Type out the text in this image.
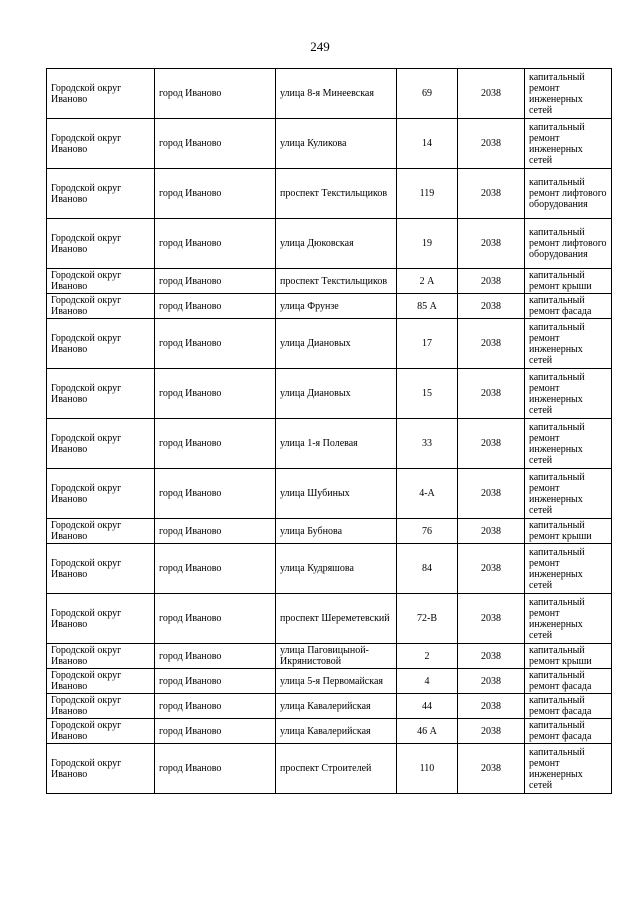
249
Городской округ Иваново	город Иваново	улица 8-я Минеевская	69	2038	капитальный ремонт инженерных сетей
Городской округ Иваново	город Иваново	улица Куликова	14	2038	капитальный ремонт инженерных сетей
Городской округ Иваново	город Иваново	проспект Текстильщиков	119	2038	капитальный ремонт лифтового оборудования
Городской округ Иваново	город Иваново	улица Дюковская	19	2038	капитальный ремонт лифтового оборудования
Городской округ Иваново	город Иваново	проспект Текстильщиков	2 А	2038	капитальный ремонт крыши
Городской округ Иваново	город Иваново	улица Фрунзе	85 А	2038	капитальный ремонт фасада
Городской округ Иваново	город Иваново	улица Диановых	17	2038	капитальный ремонт инженерных сетей
Городской округ Иваново	город Иваново	улица Диановых	15	2038	капитальный ремонт инженерных сетей
Городской округ Иваново	город Иваново	улица 1-я Полевая	33	2038	капитальный ремонт инженерных сетей
Городской округ Иваново	город Иваново	улица Шубиных	4-А	2038	капитальный ремонт инженерных сетей
Городской округ Иваново	город Иваново	улица Бубнова	76	2038	капитальный ремонт крыши
Городской округ Иваново	город Иваново	улица Кудряшова	84	2038	капитальный ремонт инженерных сетей
Городской округ Иваново	город Иваново	проспект Шереметевский	72-В	2038	капитальный ремонт инженерных сетей
Городской округ Иваново	город Иваново	улица Паговицыной-Икрянистовой	2	2038	капитальный ремонт крыши
Городской округ Иваново	город Иваново	улица 5-я Первомайская	4	2038	капитальный ремонт фасада
Городской округ Иваново	город Иваново	улица Кавалерийская	44	2038	капитальный ремонт фасада
Городской округ Иваново	город Иваново	улица Кавалерийская	46 А	2038	капитальный ремонт фасада
Городской округ Иваново	город Иваново	проспект Строителей	110	2038	капитальный ремонт инженерных сетей
